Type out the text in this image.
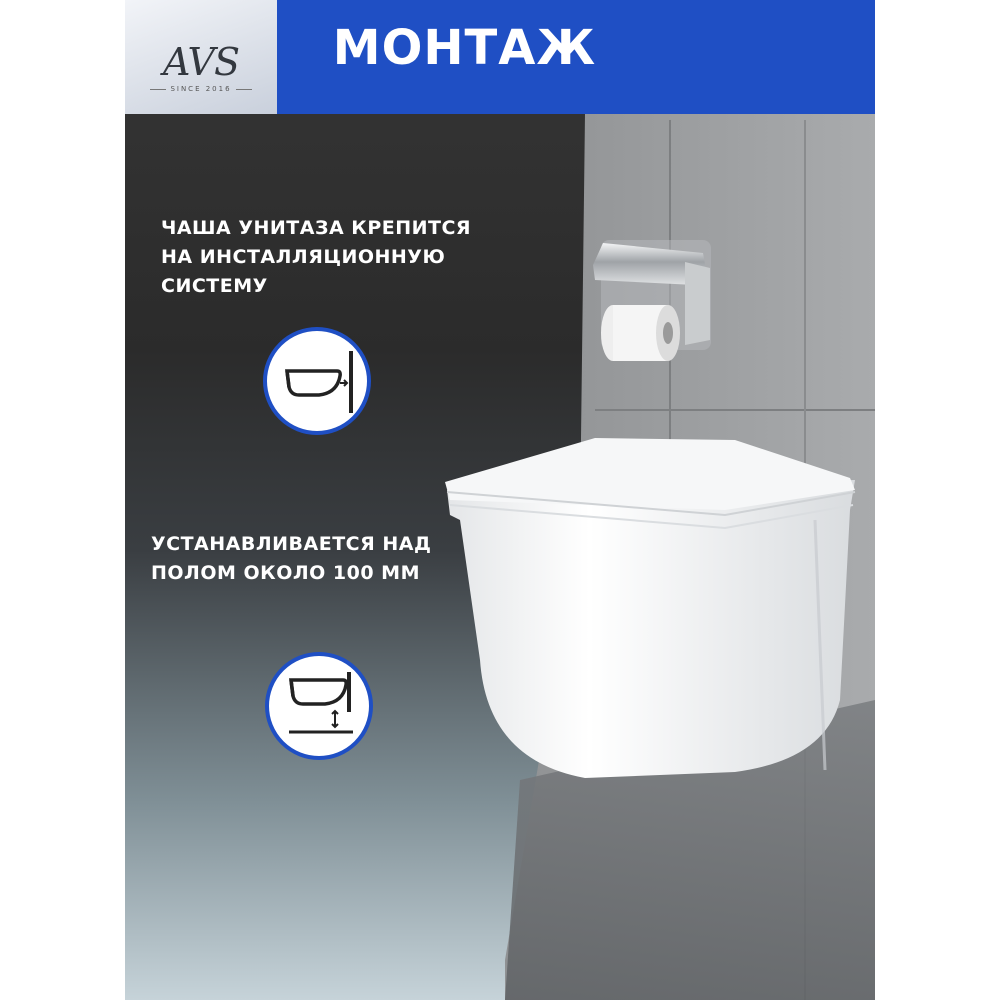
AVS
SINCE 2016
МОНТАЖ
ЧАША УНИТАЗА КРЕПИТСЯ
НА ИНСТАЛЛЯЦИОННУЮ
СИСТЕМУ
УСТАНАВЛИВАЕТСЯ НАД
ПОЛОМ ОКОЛО 100 ММ
